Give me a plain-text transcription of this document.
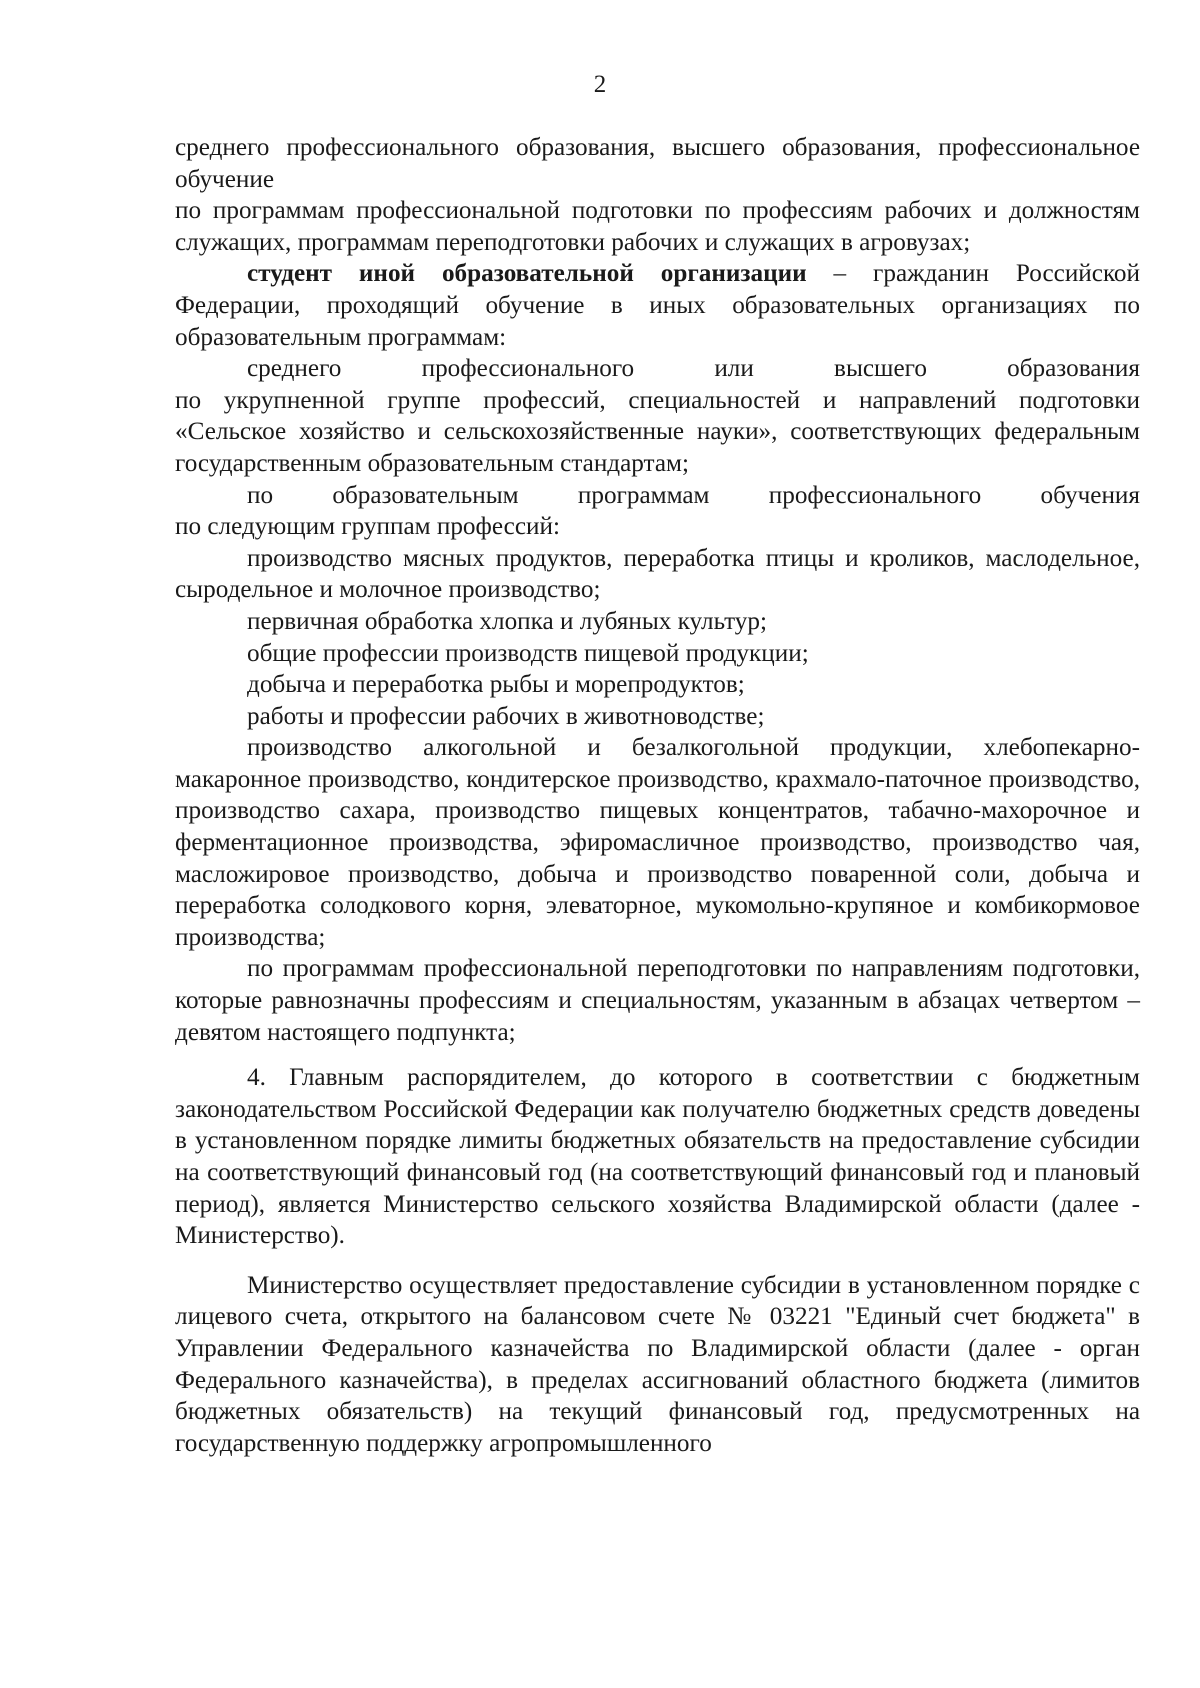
2

среднего профессионального образования, высшего образования, профессиональное обучение

по программам профессиональной подготовки по профессиям рабочих и должностям служащих, программам переподготовки рабочих и служащих в агровузах;

студент иной образовательной организации – гражданин Российской

Федерации, проходящий обучение в иных образовательных организациях по образовательным программам:

среднего профессионального или высшего образования

по укрупненной группе профессий, специальностей и направлений подготовки «Сельское хозяйство и сельскохозяйственные науки», соответствующих федеральным государственным образовательным стандартам;

по образовательным программам профессионального обучения

по следующим группам профессий:

производство мясных продуктов, переработка птицы и кроликов, маслодельное, сыродельное и молочное производство;

первичная обработка хлопка и лубяных культур;

общие профессии производств пищевой продукции;

добыча и переработка рыбы и морепродуктов;

работы и профессии рабочих в животноводстве;

производство алкогольной и безалкогольной продукции, хлебопекарно-макаронное производство, кондитерское производство, крахмало-паточное производство, производство сахара, производство пищевых концентратов, табачно-махорочное и ферментационное производства, эфиромасличное производство, производство чая, масложировое производство, добыча и производство поваренной соли, добыча и переработка солодкового корня, элеваторное, мукомольно-крупяное и комбикормовое производства;

по программам профессиональной переподготовки по направлениям подготовки, которые равнозначны профессиям и специальностям, указанным в абзацах четвертом – девятом настоящего подпункта;

4. Главным распорядителем, до которого в соответствии с бюджетным законодательством Российской Федерации как получателю бюджетных средств доведены в установленном порядке лимиты бюджетных обязательств на предоставление субсидии на соответствующий финансовый год (на соответствующий финансовый год и плановый период), является Министерство сельского хозяйства Владимирской области (далее - Министерство).

Министерство осуществляет предоставление субсидии в установленном порядке с лицевого счета, открытого на балансовом счете № 03221 "Единый счет бюджета" в Управлении Федерального казначейства по Владимирской области (далее - орган Федерального казначейства), в пределах ассигнований областного бюджета (лимитов бюджетных обязательств) на текущий финансовый год, предусмотренных на государственную поддержку агропромышленного
